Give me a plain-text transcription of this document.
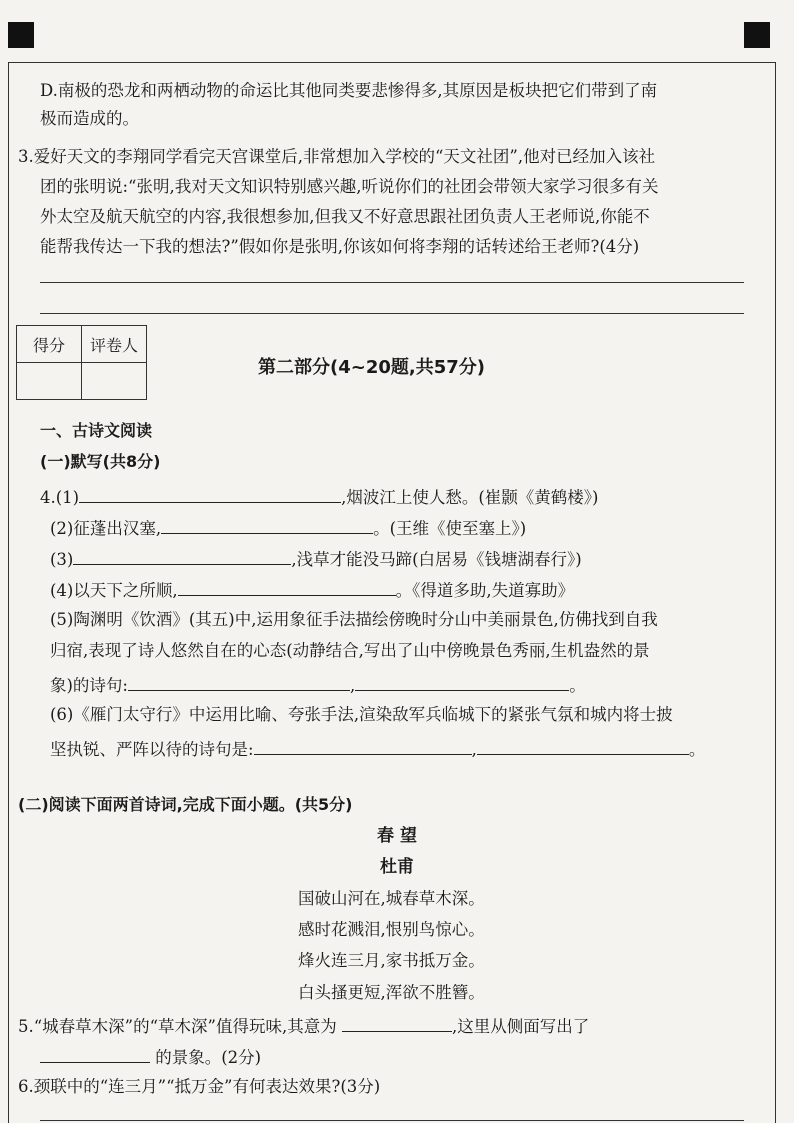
D.南极的恐龙和两栖动物的命运比其他同类要悲惨得多,其原因是板块把它们带到了南
极而造成的。
3.爱好天文的李翔同学看完天宫课堂后,非常想加入学校的“天文社团”,他对已经加入该社
团的张明说:“张明,我对天文知识特别感兴趣,听说你们的社团会带领大家学习很多有关
外太空及航天航空的内容,我很想参加,但我又不好意思跟社团负责人王老师说,你能不
能帮我传达一下我的想法?”假如你是张明,你该如何将李翔的话转述给王老师?(4分)
得分	评卷人

第二部分(4~20题,共57分)
一、古诗文阅读
(一)默写(共8分)
4.(1)	,烟波江上使人愁。(崔颢《黄鹤楼》)
(2)征蓬出汉塞,	。(王维《使至塞上》)
(3)	,浅草才能没马蹄(白居易《钱塘湖春行》)
(4)以天下之所顺,	。《得道多助,失道寡助》
(5)陶渊明《饮酒》(其五)中,运用象征手法描绘傍晚时分山中美丽景色,仿佛找到自我
归宿,表现了诗人悠然自在的心态(动静结合,写出了山中傍晚景色秀丽,生机盎然的景
象)的诗句:	,	。
(6)《雁门太守行》中运用比喻、夸张手法,渲染敌军兵临城下的紧张气氛和城内将士披
坚执锐、严阵以待的诗句是:	,	。
(二)阅读下面两首诗词,完成下面小题。(共5分)
春 望
杜甫
国破山河在,城春草木深。
感时花溅泪,恨别鸟惊心。
烽火连三月,家书抵万金。
白头搔更短,浑欲不胜簪。
5.“城春草木深”的“草木深”值得玩味,其意为	,这里从侧面写出了
的景象。(2分)
6.颈联中的“连三月”“抵万金”有何表达效果?(3分)
